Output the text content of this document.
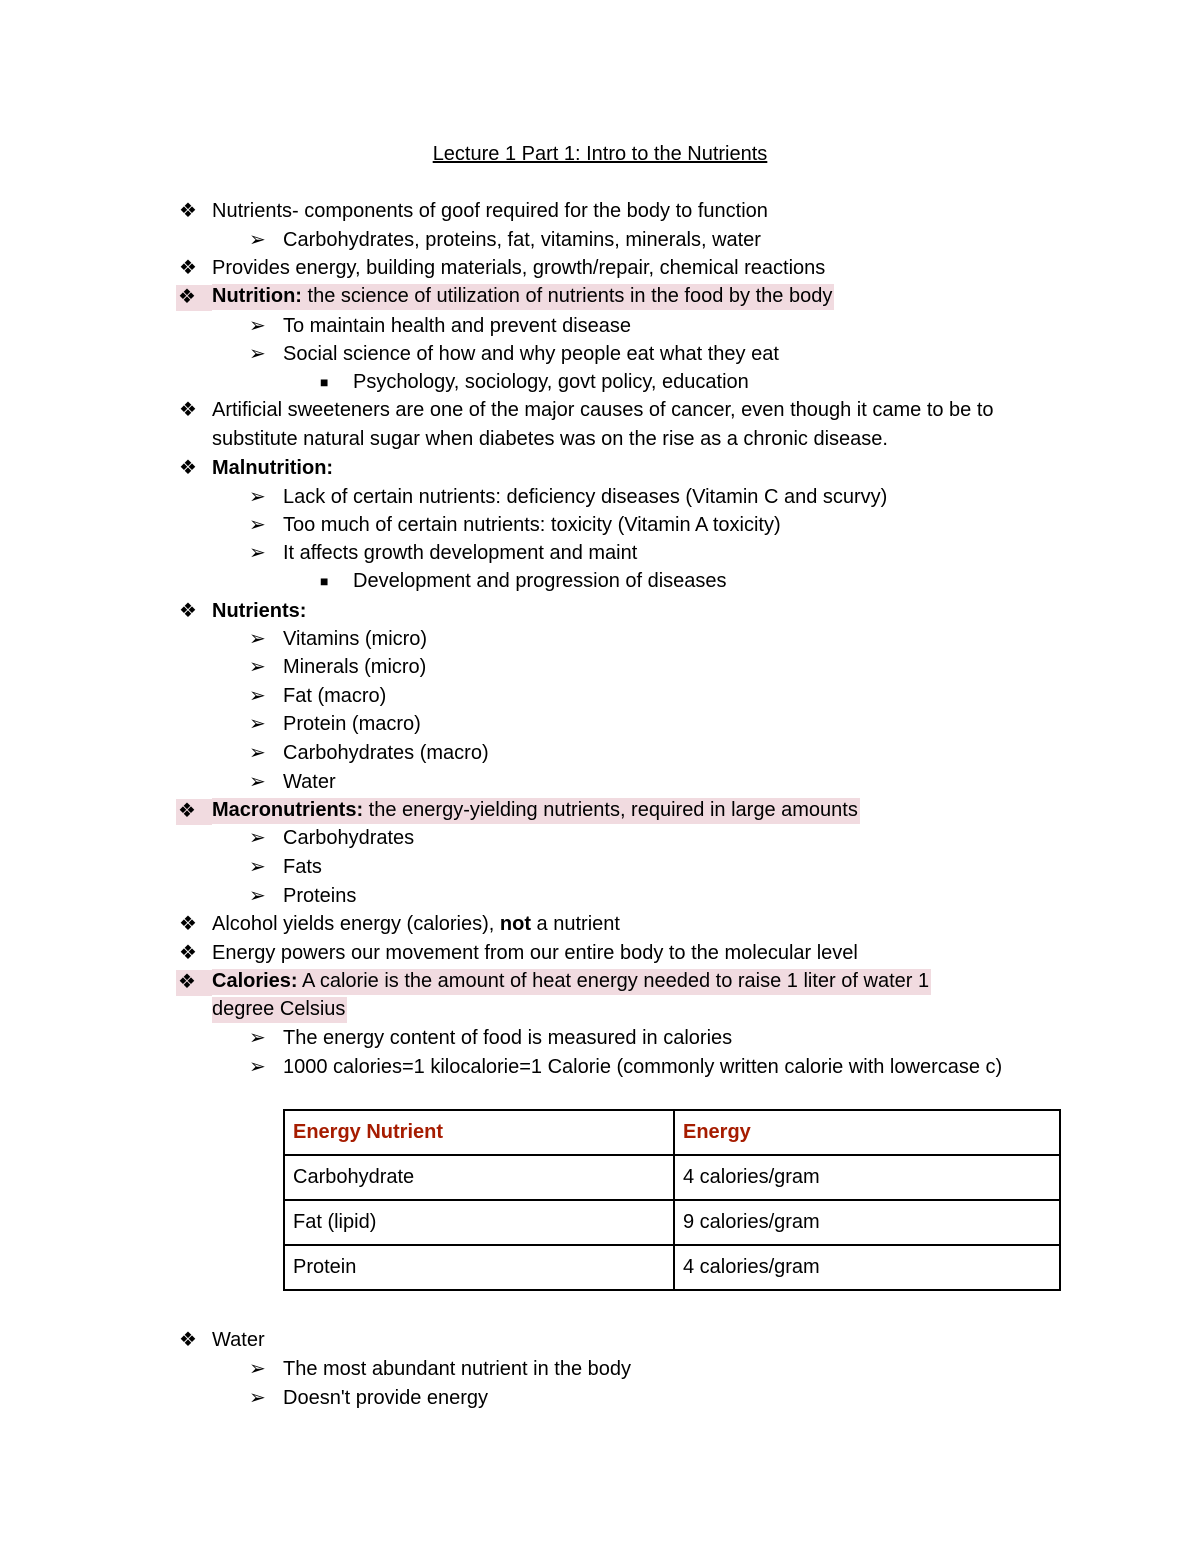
Lecture 1 Part 1: Intro to the Nutrients
❖ Nutrients- components of goof required for the body to function
➢ Carbohydrates, proteins, fat, vitamins, minerals, water
❖ Provides energy, building materials, growth/repair, chemical reactions
❖ Nutrition: the science of utilization of nutrients in the food by the body
➢ To maintain health and prevent disease
➢ Social science of how and why people eat what they eat
■ Psychology, sociology, govt policy, education
❖ Artificial sweeteners are one of the major causes of cancer, even though it came to be to
substitute natural sugar when diabetes was on the rise as a chronic disease.
❖ Malnutrition:
➢ Lack of certain nutrients: deficiency diseases (Vitamin C and scurvy)
➢ Too much of certain nutrients: toxicity (Vitamin A toxicity)
➢ It affects growth development and maint
■ Development and progression of diseases
❖ Nutrients:
➢ Vitamins (micro)
➢ Minerals (micro)
➢ Fat (macro)
➢ Protein (macro)
➢ Carbohydrates (macro)
➢ Water
❖ Macronutrients: the energy-yielding nutrients, required in large amounts
➢ Carbohydrates
➢ Fats
➢ Proteins
❖ Alcohol yields energy (calories), not a nutrient
❖ Energy powers our movement from our entire body to the molecular level
❖ Calories: A calorie is the amount of heat energy needed to raise 1 liter of water 1
degree Celsius
➢ The energy content of food is measured in calories
➢ 1000 calories=1 kilocalorie=1 Calorie (commonly written calorie with lowercase c)
Energy Nutrient	Energy
Carbohydrate	4 calories/gram
Fat (lipid)	9 calories/gram
Protein	4 calories/gram
❖ Water
➢ The most abundant nutrient in the body
➢ Doesn't provide energy
